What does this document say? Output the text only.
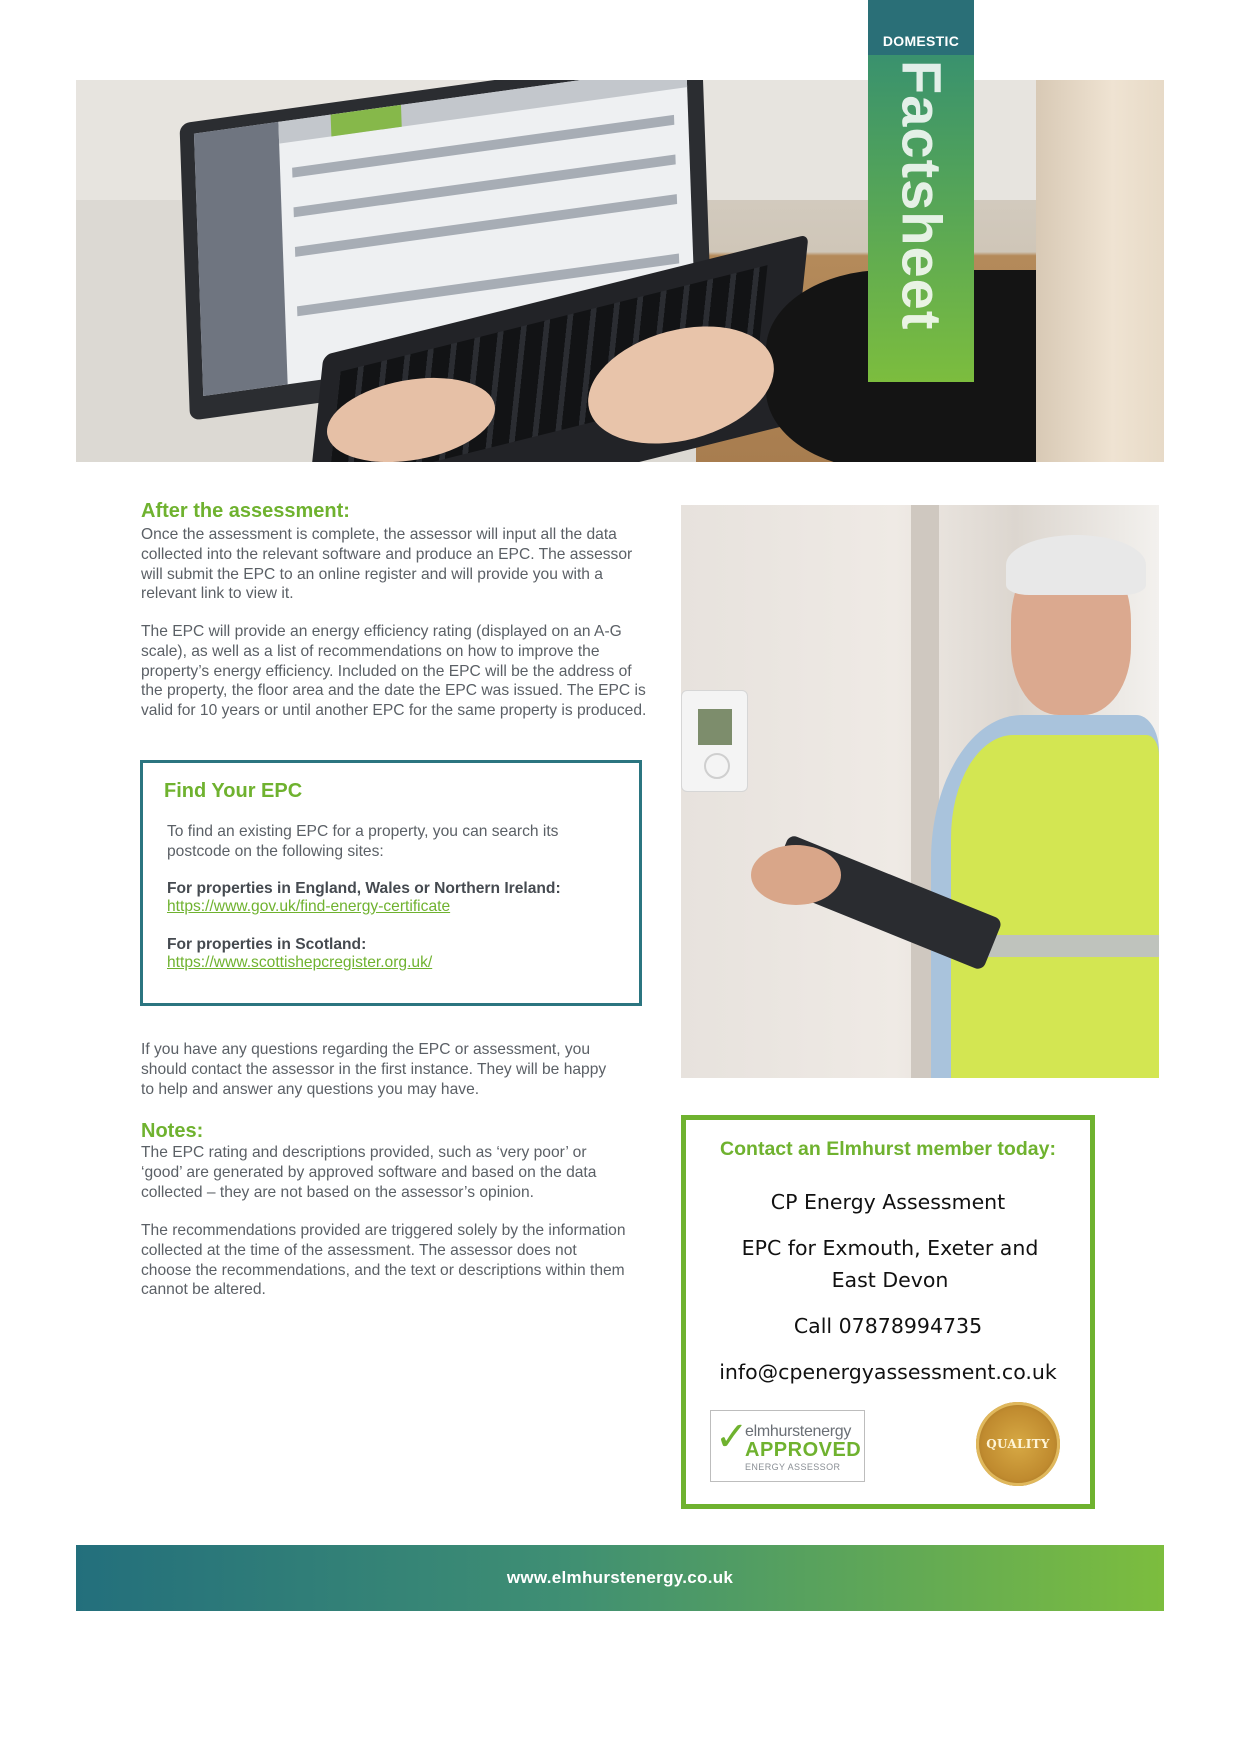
DOMESTIC
Factsheet
After the assessment:

Once the assessment is complete, the assessor will input all the data collected into the relevant software and produce an EPC. The assessor will submit the EPC to an online register and will provide you with a relevant link to view it.

The EPC will provide an energy efficiency rating (displayed on an A-G scale), as well as a list of recommendations on how to improve the property’s energy efficiency. Included on the EPC will be the address of the property, the floor area and the date the EPC was issued. The EPC is valid for 10 years or until another EPC for the same property is produced.

Find Your EPC

To find an existing EPC for a property, you can search its postcode on the following sites:

For properties in England, Wales or Northern Ireland:
https://www.gov.uk/find-energy-certificate
For properties in Scotland:
https://www.scottishepcregister.org.uk/

If you have any questions regarding the EPC or assessment, you should contact the assessor in the first instance. They will be happy to help and answer any questions you may have.

Notes:

The EPC rating and descriptions provided, such as ‘very poor’ or ‘good’ are generated by approved software and based on the data collected – they are not based on the assessor’s opinion.

The recommendations provided are triggered solely by the information collected at the time of the assessment. The assessor does not choose the recommendations, and the text or descriptions within them cannot be altered.

Contact an Elmhurst member today:
CP Energy Assessment
EPC for Exmouth, Exeter and East Devon
Call 07878994735
info@cpenergyassessment.co.uk
✓
elmhurstenergy
APPROVED
ENERGY ASSESSOR
QUALITY
www.elmhurstenergy.co.uk
